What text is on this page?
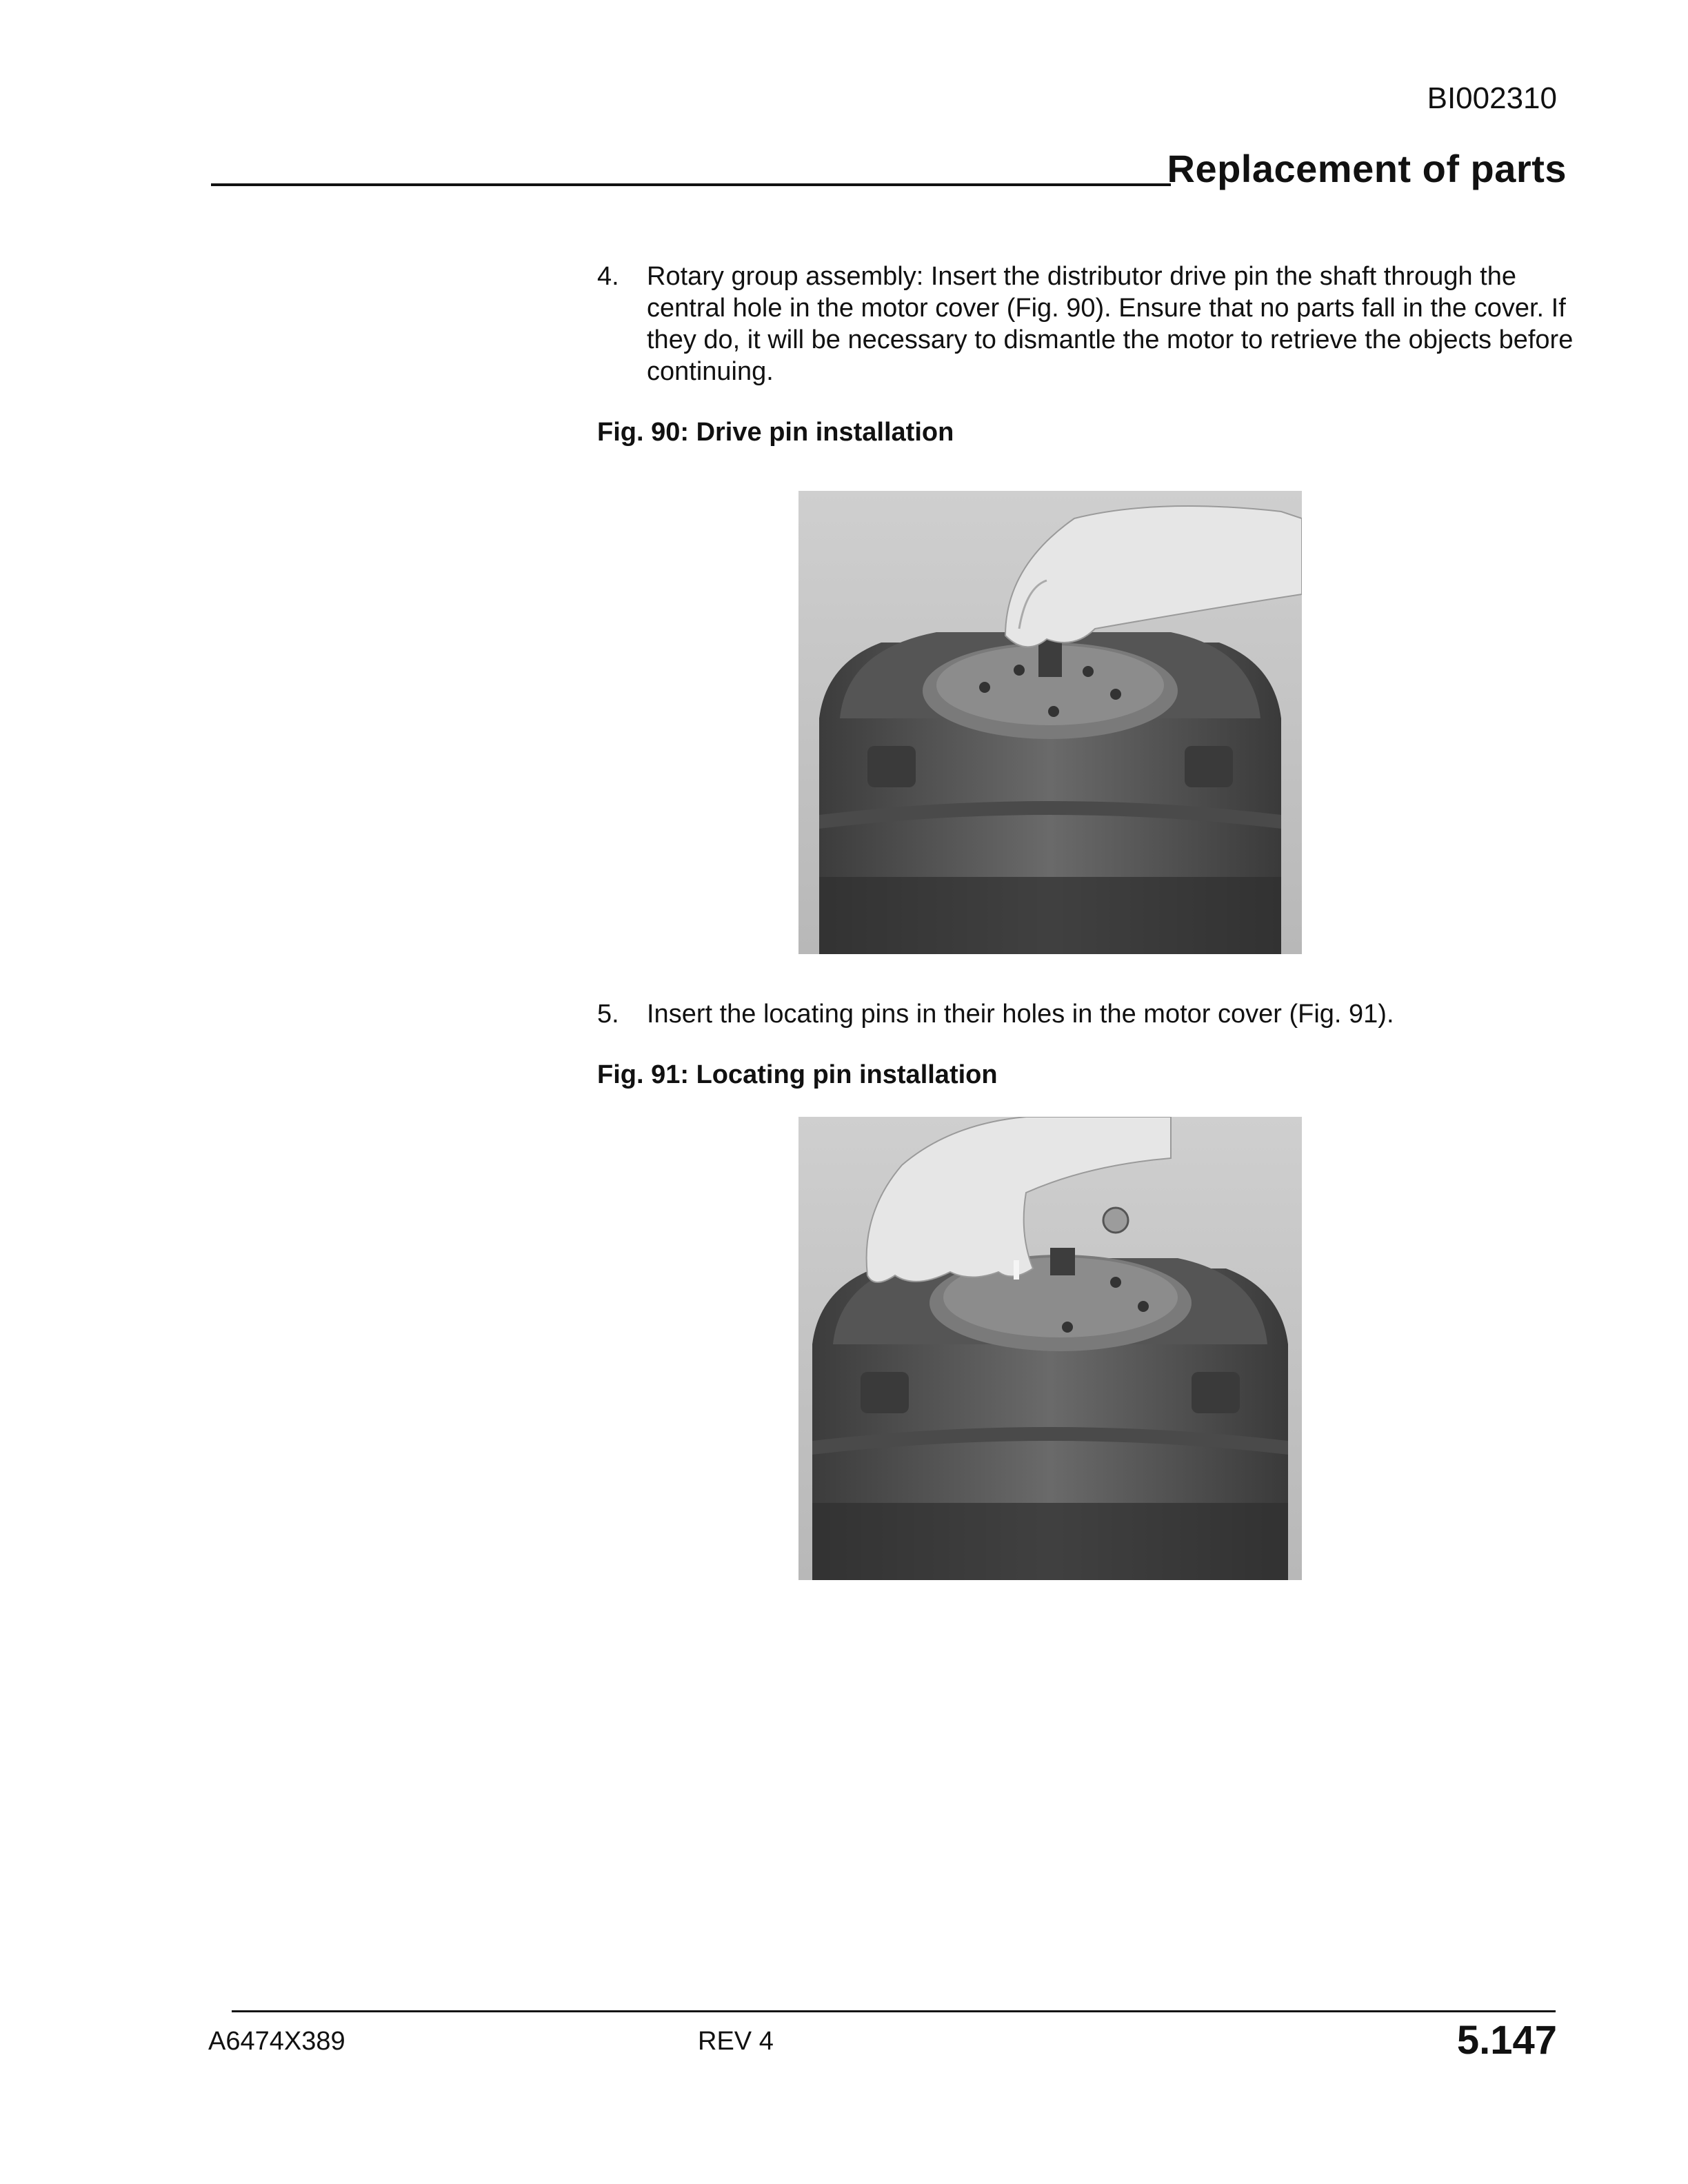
BI002310
Replacement of parts
4. Rotary group assembly: Insert the distributor drive pin the shaft through the central hole in the motor cover (Fig. 90). Ensure that no parts fall in the cover. If they do, it will be necessary to dismantle the motor to retrieve the objects before continuing.
Fig. 90: Drive pin installation
5. Insert the locating pins in their holes in the motor cover (Fig. 91).
Fig. 91: Locating pin installation
A6474X389	REV 4	5.147
